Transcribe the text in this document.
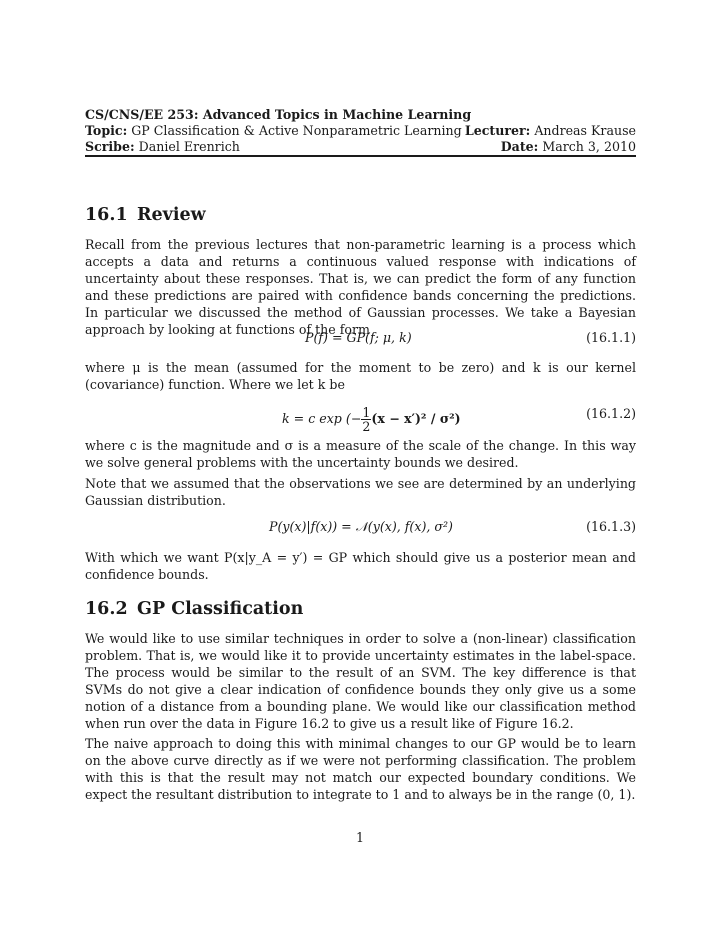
CS/CNS/EE 253: Advanced Topics in Machine Learning
Topic: GP Classification & Active Nonparametric Learning Lecturer: Andreas Krause
Scribe: Daniel Erenrich	Date: March 3, 2010
16.1 Review

Recall from the previous lectures that non-parametric learning is a process which accepts a data and returns a continuous valued response with indications of uncertainty about these responses. That is, we can predict the form of any function and these predictions are paired with confidence bands concerning the predictions. In particular we discussed the method of Gaussian processes. We take a Bayesian approach by looking at functions of the form

P(f) = GP(f; μ, k)	(16.1.1)

where μ is the mean (assumed for the moment to be zero) and k is our kernel (covariance) function. Where we let k be

k = c exp (− $\frac{1}{2} (x - x')^2 / \sigma^2$)	(16.1.2)

where c is the magnitude and σ is a measure of the scale of the change. In this way we solve general problems with the uncertainty bounds we desired.

Note that we assumed that the observations we see are determined by an underlying Gaussian distribution.

P(y(x)|f(x)) = 𝒩(y(x), f(x), σ²)	(16.1.3)

With which we want P(x|y_A = y′) = GP which should give us a posterior mean and confidence bounds.

16.2 GP Classification

We would like to use similar techniques in order to solve a (non-linear) classification problem. That is, we would like it to provide uncertainty estimates in the label-space. The process would be similar to the result of an SVM. The key difference is that SVMs do not give a clear indication of confidence bounds they only give us a some notion of a distance from a bounding plane. We would like our classification method when run over the data in Figure 16.2 to give us a result like of Figure 16.2.

The naive approach to doing this with minimal changes to our GP would be to learn on the above curve directly as if we were not performing classification. The problem with this is that the result may not match our expected boundary conditions. We expect the resultant distribution to integrate to 1 and to always be in the range (0, 1).

1
